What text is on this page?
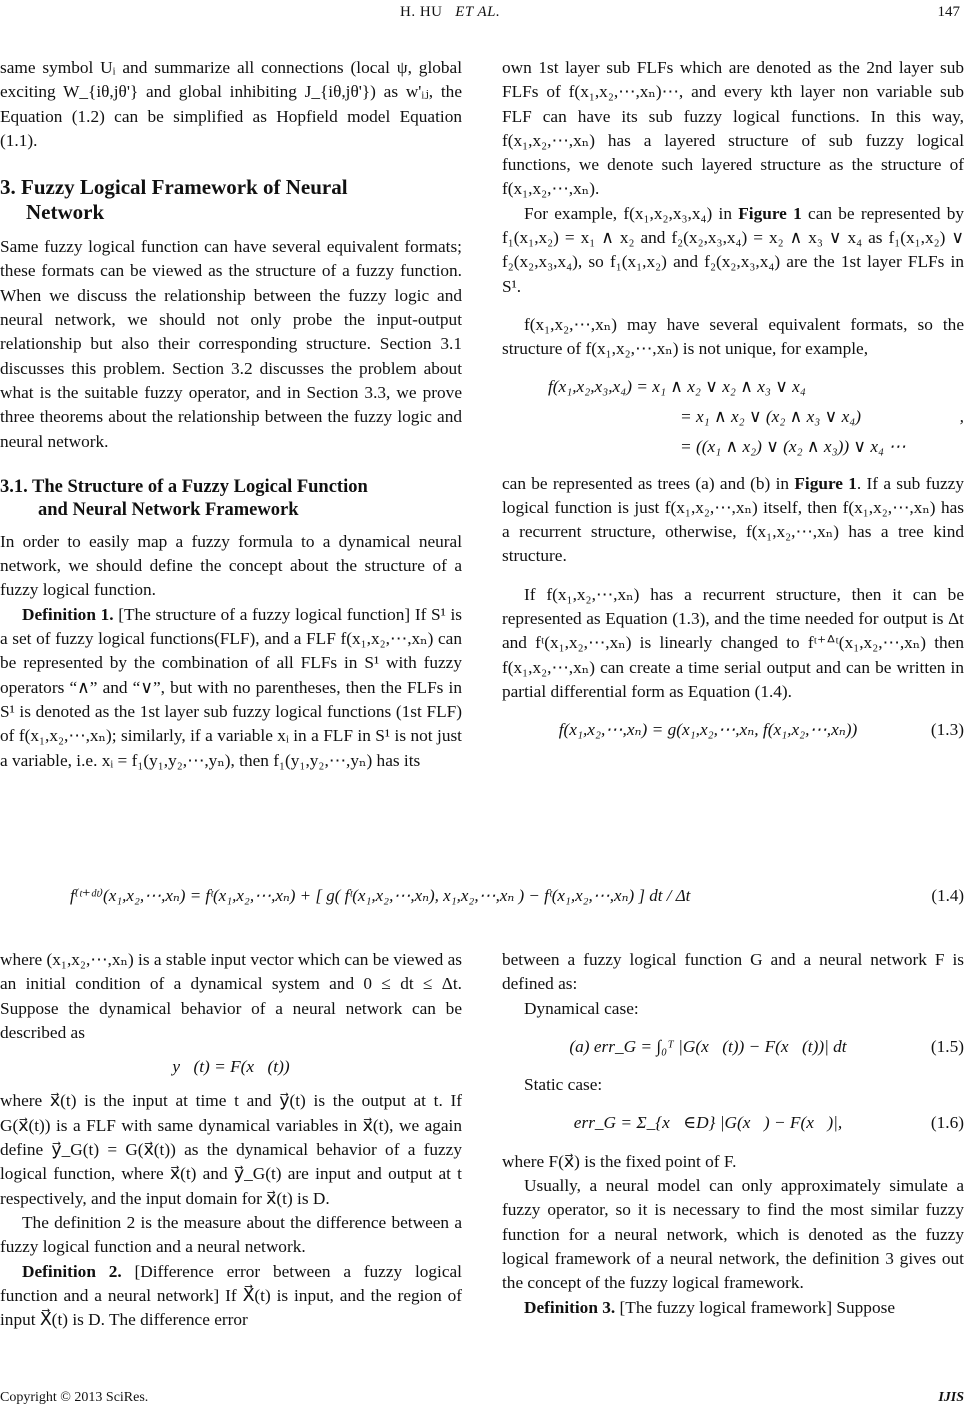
H. HU ET AL.	147

same symbol Uᵢ and summarize all connections (local ψ, global exciting W_{iθ,jθ'} and global inhibiting J_{iθ,jθ'}) as w'ᵢⱼ, the Equation (1.2) can be simplified as Hopfield model Equation (1.1).

3. Fuzzy Logical Framework of Neural
Network

Same fuzzy logical function can have several equivalent formats; these formats can be viewed as the structure of a fuzzy function. When we discuss the relationship between the fuzzy logic and neural network, we should not only probe the input-output relationship but also their corresponding structure. Section 3.1 discusses this problem. Section 3.2 discusses the problem about what is the suitable fuzzy operator, and in Section 3.3, we prove three theorems about the relationship between the fuzzy logic and neural network.

3.1. The Structure of a Fuzzy Logical Function
and Neural Network Framework

In order to easily map a fuzzy formula to a dynamical neural network, we should define the concept about the structure of a fuzzy logical function.

Definition 1. [The structure of a fuzzy logical function] If S¹ is a set of fuzzy logical functions(FLF), and a FLF f(x₁,x₂,⋯,xₙ) can be represented by the combination of all FLFs in S¹ with fuzzy operators “∧” and “∨”, but with no parentheses, then the FLFs in S¹ is denoted as the 1st layer sub fuzzy logical functions (1st FLF) of f(x₁,x₂,⋯,xₙ); similarly, if a variable xᵢ in a FLF in S¹ is not just a variable, i.e. xᵢ = f₁(y₁,y₂,⋯,yₙ), then f₁(y₁,y₂,⋯,yₙ) has its

own 1st layer sub FLFs which are denoted as the 2nd layer sub FLFs of f(x₁,x₂,⋯,xₙ)⋯, and every kth layer non variable sub FLF can have its sub fuzzy logical functions. In this way, f(x₁,x₂,⋯,xₙ) has a layered structure of sub fuzzy logical functions, we denote such layered structure as the structure of f(x₁,x₂,⋯,xₙ).

For example, f(x₁,x₂,x₃,x₄) in Figure 1 can be represented by f₁(x₁,x₂) = x₁ ∧ x₂ and f₂(x₂,x₃,x₄) = x₂ ∧ x₃ ∨ x₄ as f₁(x₁,x₂) ∨ f₂(x₂,x₃,x₄), so f₁(x₁,x₂) and f₂(x₂,x₃,x₄) are the 1st layer FLFs in S¹.

f(x₁,x₂,⋯,xₙ) may have several equivalent formats, so the structure of f(x₁,x₂,⋯,xₙ) is not unique, for example,

f(x₁,x₂,x₃,x₄) = x₁ ∧ x₂ ∨ x₂ ∧ x₃ ∨ x₄
= x₁ ∧ x₂ ∨ (x₂ ∧ x₃ ∨ x₄)
= ((x₁ ∧ x₂) ∨ (x₂ ∧ x₃)) ∨ x₄ ⋯
,

can be represented as trees (a) and (b) in Figure 1. If a sub fuzzy logical function is just f(x₁,x₂,⋯,xₙ) itself, then f(x₁,x₂,⋯,xₙ) has a recurrent structure, otherwise, f(x₁,x₂,⋯,xₙ) has a tree kind structure.

If f(x₁,x₂,⋯,xₙ) has a recurrent structure, then it can be represented as Equation (1.3), and the time needed for output is Δt and fᵗ(x₁,x₂,⋯,xₙ) is linearly changed to fᵗ⁺ᐞᵗ(x₁,x₂,⋯,xₙ) then f(x₁,x₂,⋯,xₙ) can create a time serial output and can be written in partial differential form as Equation (1.4).

f(x₁,x₂,⋯,xₙ) = g(x₁,x₂,⋯,xₙ, f(x₁,x₂,⋯,xₙ))	(1.3)
f⁽ᵗ⁺ᵈᵗ⁾(x₁,x₂,⋯,xₙ) = fᵗ(x₁,x₂,⋯,xₙ) + [ g( fᵗ(x₁,x₂,⋯,xₙ), x₁,x₂,⋯,xₙ ) − fᵗ(x₁,x₂,⋯,xₙ) ] dt / Δt	(1.4)

where (x₁,x₂,⋯,xₙ) is a stable input vector which can be viewed as an initial condition of a dynamical system and 0 ≤ dt ≤ Δt. Suppose the dynamical behavior of a neural network can be described as

y⃗(t) = F(x⃗(t))

where x⃗(t) is the input at time t and y⃗(t) is the output at t. If G(x⃗(t)) is a FLF with same dynamical variables in x⃗(t), we again define y⃗_G(t) = G(x⃗(t)) as the dynamical behavior of a fuzzy logical function, where x⃗(t) and y⃗_G(t) are input and output at t respectively, and the input domain for x⃗(t) is D.

The definition 2 is the measure about the difference between a fuzzy logical function and a neural network.

Definition 2. [Difference error between a fuzzy logical function and a neural network] If X⃗(t) is input, and the region of input X⃗(t) is D. The difference error

between a fuzzy logical function G and a neural network F is defined as:

Dynamical case:

(a) err_G = ∫₀ᵀ |G(x⃗(t)) − F(x⃗(t))| dt	(1.5)

Static case:

err_G = Σ_{x⃗∈D} |G(x⃗) − F(x⃗)|,	(1.6)

where F(x⃗) is the fixed point of F.

Usually, a neural model can only approximately simulate a fuzzy operator, so it is necessary to find the most similar fuzzy function for a neural network, which is denoted as the fuzzy logical framework of a neural network, the definition 3 gives out the concept of the fuzzy logical framework.

Definition 3. [The fuzzy logical framework] Suppose

Copyright © 2013 SciRes.	IJIS
